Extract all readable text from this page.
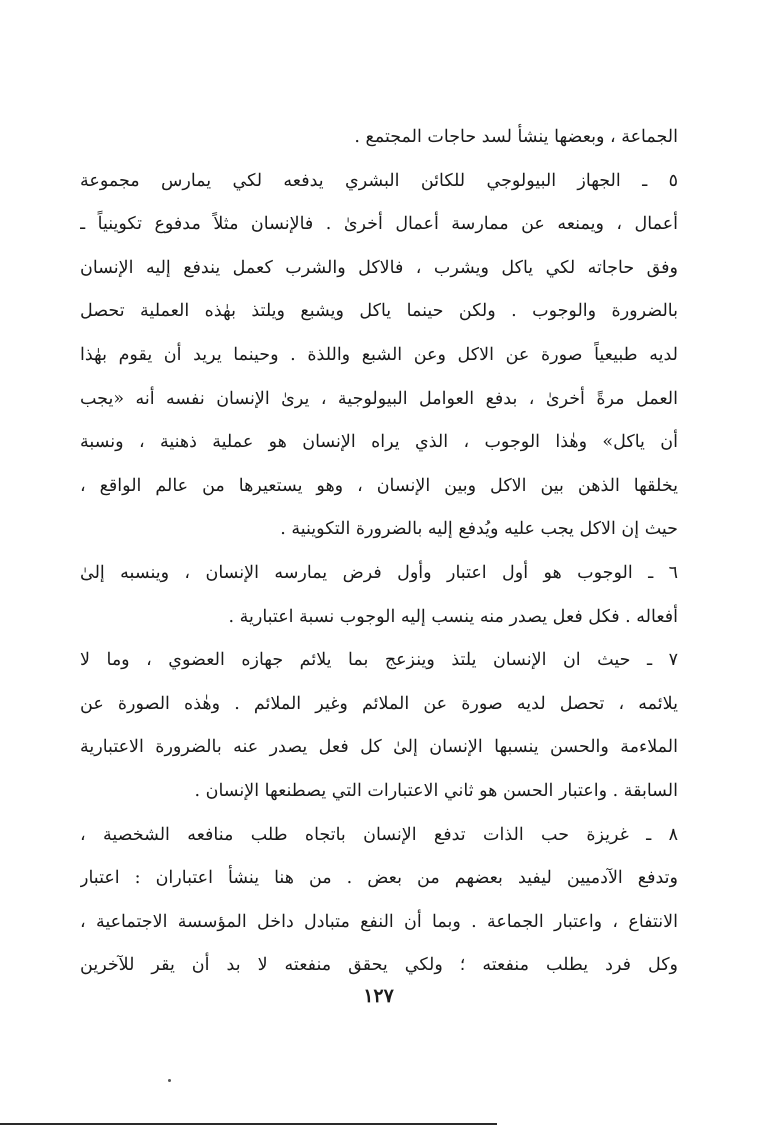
الجماعة ، وبعضها ينشأ لسد حاجات المجتمع .
٥ ـ الجهاز البيولوجي للكائن البشري يدفعه لكي يمارس مجموعة
أعمال ، ويمنعه عن ممارسة أعمال أخرىٰ . فالإنسان مثلاً مدفوع تكوينياً ـ
وفق حاجاته لكي ياكل ويشرب ، فالاكل والشرب كعمل يندفع إليه الإنسان
بالضرورة والوجوب . ولكن حينما ياكل ويشبع ويلتذ بهٰذه العملية تحصل
لديه طبيعياً صورة عن الاكل وعن الشبع واللذة . وحينما يريد أن يقوم بهٰذا
العمل مرةً أخرىٰ ، بدفع العوامل البيولوجية ، يرىٰ الإنسان نفسه أنه «يجب
أن ياكل» وهٰذا الوجوب ، الذي يراه الإنسان هو عملية ذهنية ، ونسبة
يخلقها الذهن بين الاكل وبين الإنسان ، وهو يستعيرها من عالم الواقع ،
حيث إن الاكل يجب عليه ويُدفع إليه بالضرورة التكوينية .
٦ ـ الوجوب هو أول اعتبار وأول فرض يمارسه الإنسان ، وينسبه إلىٰ
أفعاله . فكل فعل يصدر منه ينسب إليه الوجوب نسبة اعتبارية .
٧ ـ حيث ان الإنسان يلتذ وينزعج بما يلائم جهازه العضوي ، وما لا
يلائمه ، تحصل لديه صورة عن الملائم وغير الملائم . وهٰذه الصورة عن
الملاءمة والحسن ينسبها الإنسان إلىٰ كل فعل يصدر عنه بالضرورة الاعتبارية
السابقة . واعتبار الحسن هو ثاني الاعتبارات التي يصطنعها الإنسان .
٨ ـ غريزة حب الذات تدفع الإنسان باتجاه طلب منافعه الشخصية ،
وتدفع الآدميين ليفيد بعضهم من بعض . من هنا ينشأ اعتباران : اعتبار
الانتفاع ، واعتبار الجماعة . وبما أن النفع متبادل داخل المؤسسة الاجتماعية ،
وكل فرد يطلب منفعته ؛ ولكي يحقق منفعته لا بد أن يقر للآخرين
١٢٧
